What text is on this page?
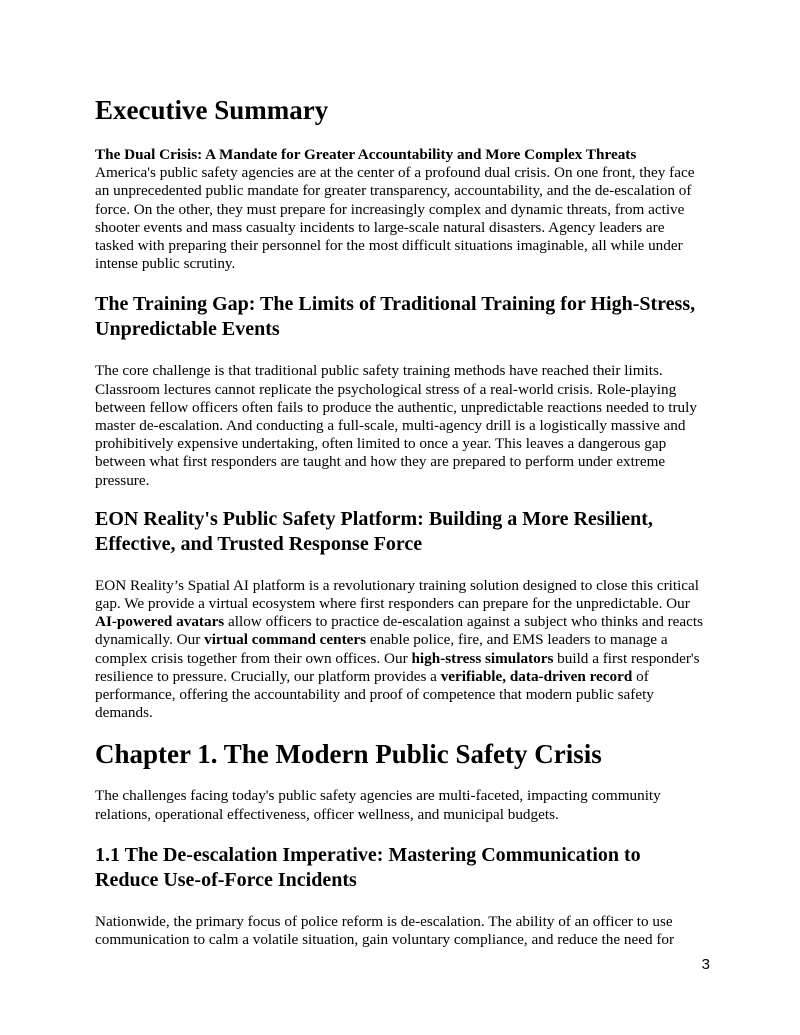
Executive Summary

The Dual Crisis: A Mandate for Greater Accountability and More Complex Threats
America's public safety agencies are at the center of a profound dual crisis. On one front, they face an unprecedented public mandate for greater transparency, accountability, and the de-escalation of force. On the other, they must prepare for increasingly complex and dynamic threats, from active shooter events and mass casualty incidents to large-scale natural disasters. Agency leaders are tasked with preparing their personnel for the most difficult situations imaginable, all while under intense public scrutiny.

The Training Gap: The Limits of Traditional Training for High-Stress, Unpredictable Events

The core challenge is that traditional public safety training methods have reached their limits. Classroom lectures cannot replicate the psychological stress of a real-world crisis. Role-playing between fellow officers often fails to produce the authentic, unpredictable reactions needed to truly master de-escalation. And conducting a full-scale, multi-agency drill is a logistically massive and prohibitively expensive undertaking, often limited to once a year. This leaves a dangerous gap between what first responders are taught and how they are prepared to perform under extreme pressure.

EON Reality's Public Safety Platform: Building a More Resilient, Effective, and Trusted Response Force

EON Reality’s Spatial AI platform is a revolutionary training solution designed to close this critical gap. We provide a virtual ecosystem where first responders can prepare for the unpredictable. Our AI-powered avatars allow officers to practice de-escalation against a subject who thinks and reacts dynamically. Our virtual command centers enable police, fire, and EMS leaders to manage a complex crisis together from their own offices. Our high-stress simulators build a first responder's resilience to pressure. Crucially, our platform provides a verifiable, data-driven record of performance, offering the accountability and proof of competence that modern public safety demands.

Chapter 1. The Modern Public Safety Crisis

The challenges facing today's public safety agencies are multi-faceted, impacting community relations, operational effectiveness, officer wellness, and municipal budgets.

1.1 The De-escalation Imperative: Mastering Communication to Reduce Use-of-Force Incidents

Nationwide, the primary focus of police reform is de-escalation. The ability of an officer to use communication to calm a volatile situation, gain voluntary compliance, and reduce the need for

3
